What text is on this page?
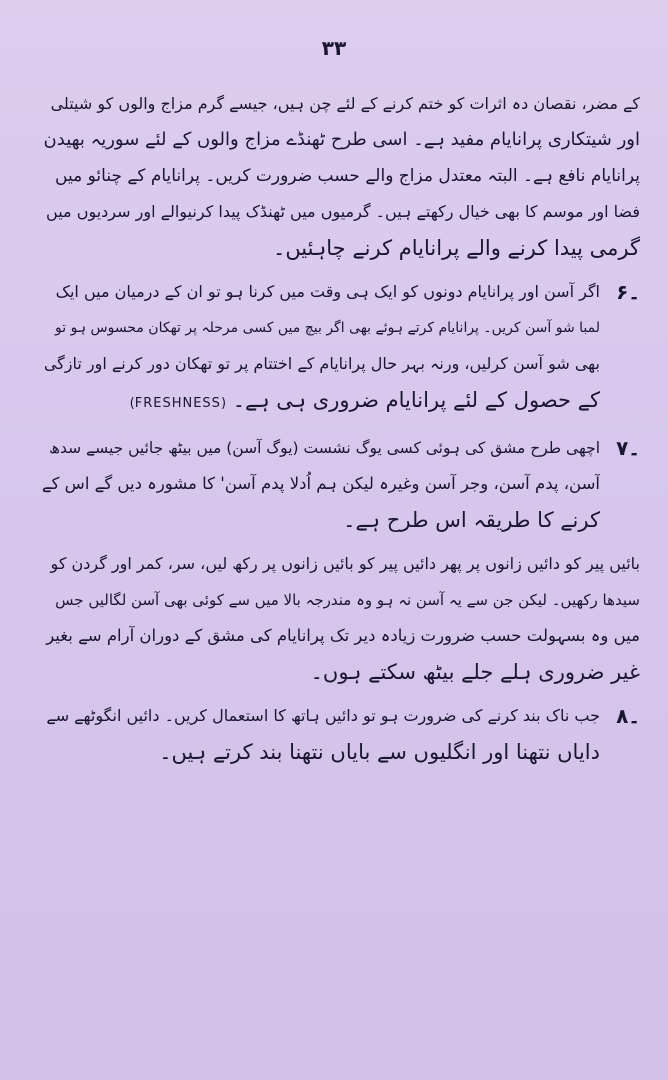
۳۳
کے مضر، نقصان دہ اثرات کو ختم کرنے کے لئے چن ہیں، جیسے گرم مزاج والوں کو شیتلی
اور شیتکاری پرانایام مفید ہے۔ اسی طرح ٹھنڈے مزاج والوں کے لئے سوریہ بھیدن
پرانایام نافع ہے۔ البتہ معتدل مزاج والے حسب ضرورت کریں۔ پرانایام کے چنائو میں
فضا اور موسم کا بھی خیال رکھتے ہیں۔ گرمیوں میں ٹھنڈک پیدا کرنیوالے اور سردیوں میں
گرمی پیدا کرنے والے پرانایام کرنے چاہئیں۔
۶۔
اگر آسن اور پرانایام دونوں کو ایک ہی وقت میں کرنا ہو تو ان کے درمیان میں ایک
لمبا شو آسن کریں۔ پرانایام کرتے ہوئے بھی اگر بیچ میں کسی مرحلہ پر تھکان محسوس ہو تو
بھی شو آسن کرلیں، ورنہ بہر حال پرانایام کے اختتام پر تو تھکان دور کرنے اور تازگی
کے حصول کے لئے پرانایام ضروری ہی ہے۔ (FRESHNESS)
۷۔
اچھی طرح مشق کی ہوئی کسی یوگ نشست (یوگ آسن) میں بیٹھ جائیں جیسے سدھ
آسن، پدم آسن، وجر آسن وغیرہ لیکن ہم اُدلا پدم آسن' کا مشورہ دیں گے اس کے
کرنے کا طریقہ اس طرح ہے۔
بائیں پیر کو دائیں زانوں پر پھر دائیں پیر کو بائیں زانوں پر رکھ لیں، سر، کمر اور گردن کو
سیدھا رکھیں۔ لیکن جن سے یہ آسن نہ ہو وہ مندرجہ بالا میں سے کوئی بھی آسن لگالیں جس
میں وہ بسہولت حسب ضرورت زیادہ دیر تک پرانایام کی مشق کے دوران آرام سے بغیر
غیر ضروری ہلے جلے بیٹھ سکتے ہوں۔
۸۔
جب ناک بند کرنے کی ضرورت ہو تو دائیں ہاتھ کا استعمال کریں۔ دائیں انگوٹھے سے
دایاں نتھنا اور انگلیوں سے بایاں نتھنا بند کرتے ہیں۔
